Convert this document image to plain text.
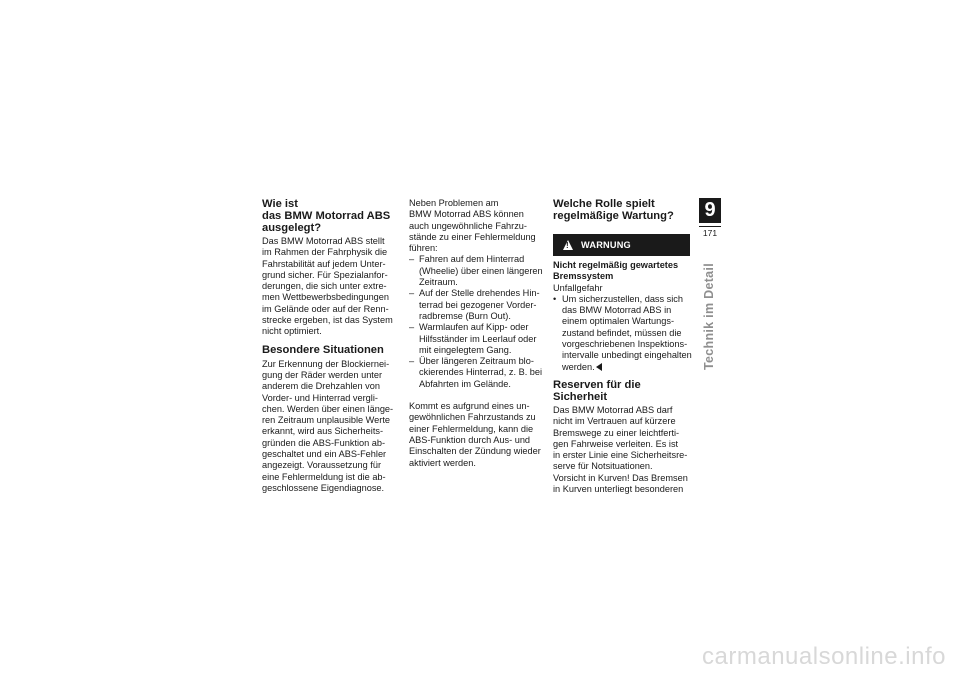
Wie ist
das BMW Motorrad ABS
ausgelegt?
Das BMW Motorrad ABS stellt
im Rahmen der Fahrphysik die
Fahrstabilität auf jedem Unter-
grund sicher. Für Spezialanfor-
derungen, die sich unter extre-
men Wettbewerbsbedingungen
im Gelände oder auf der Renn-
strecke ergeben, ist das System
nicht optimiert.
Besondere Situationen
Zur Erkennung der Blockiernei-
gung der Räder werden unter
anderem die Drehzahlen von
Vorder- und Hinterrad vergli-
chen. Werden über einen länge-
ren Zeitraum unplausible Werte
erkannt, wird aus Sicherheits-
gründen die ABS-Funktion ab-
geschaltet und ein ABS-Fehler
angezeigt. Voraussetzung für
eine Fehlermeldung ist die ab-
geschlossene Eigendiagnose.
Neben Problemen am
BMW Motorrad ABS können
auch ungewöhnliche Fahrzu-
stände zu einer Fehlermeldung
führen:
– Fahren auf dem Hinterrad
(Wheelie) über einen längeren
Zeitraum.
– Auf der Stelle drehendes Hin-
terrad bei gezogener Vorder-
radbremse (Burn Out).
– Warmlaufen auf Kipp- oder
Hilfsständer im Leerlauf oder
mit eingelegtem Gang.
– Über längeren Zeitraum blo-
ckierendes Hinterrad, z. B. bei
Abfahrten im Gelände.
Kommt es aufgrund eines un-
gewöhnlichen Fahrzustands zu
einer Fehlermeldung, kann die
ABS-Funktion durch Aus- und
Einschalten der Zündung wieder
aktiviert werden.
Welche Rolle spielt
regelmäßige Wartung?
!
WARNUNG
Nicht regelmäßig gewartetes
Bremssystem
Unfallgefahr
• Um sicherzustellen, dass sich
das BMW Motorrad ABS in
einem optimalen Wartungs-
zustand befindet, müssen die
vorgeschriebenen Inspektions-
intervalle unbedingt eingehalten
werden.
Reserven für die
Sicherheit
Das BMW Motorrad ABS darf
nicht im Vertrauen auf kürzere
Bremswege zu einer leichtferti-
gen Fahrweise verleiten. Es ist
in erster Linie eine Sicherheitsre-
serve für Notsituationen.
Vorsicht in Kurven! Das Bremsen
in Kurven unterliegt besonderen
9
171
Technik im Detail
carmanualsonline.info
